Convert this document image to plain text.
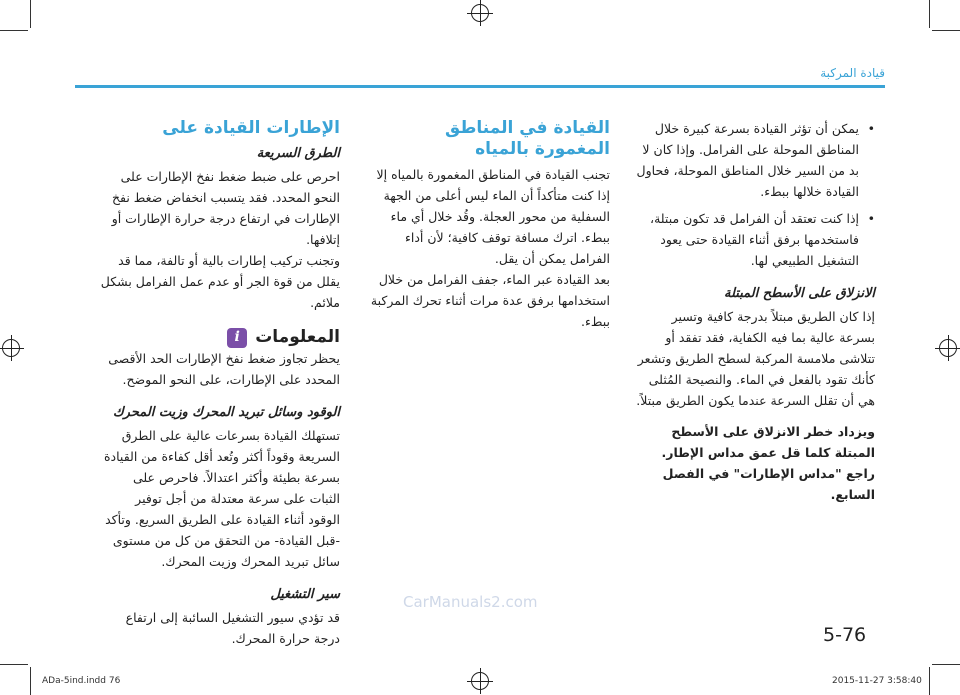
قيادة المركبة
• يمكن أن تؤثر القيادة بسرعة كبيرة خلال المناطق الموحلة على الفرامل. وإذا كان لا بد من السير خلال المناطق الموحلة، فحاول القيادة خلالها ببطء.
• إذا كنت تعتقد أن الفرامل قد تكون مبتلة، فاستخدمها برفق أثناء القيادة حتى يعود التشغيل الطبيعي لها.
الانزلاق على الأسطح المبتلة
إذا كان الطريق مبتلاً بدرجة كافية وتسير بسرعة عالية بما فيه الكفاية، فقد تفقد أو تتلاشى ملامسة المركبة لسطح الطريق وتشعر كأنك تقود بالفعل في الماء. والنصيحة المُثلى هي أن تقلل السرعة عندما يكون الطريق مبتلاً.
ويزداد خطر الانزلاق على الأسطح المبتلة كلما قل عمق مداس الإطار. راجع "مداس الإطارات" في الفصل السابع.
القيادة في المناطق المغمورة بالمياه
تجنب القيادة في المناطق المغمورة بالمياه إلا إذا كنت متأكداً أن الماء ليس أعلى من الجهة السفلية من محور العجلة. وقُد خلال أي ماء ببطء. اترك مسافة توقف كافية؛ لأن أداء الفرامل يمكن أن يقل.
بعد القيادة عبر الماء، جفف الفرامل من خلال استخدامها برفق عدة مرات أثناء تحرك المركبة ببطء.
الإطارات القيادة على
الطرق السريعة
احرص على ضبط ضغط نفخ الإطارات على النحو المحدد. فقد يتسبب انخفاض ضغط نفخ الإطارات في ارتفاع درجة حرارة الإطارات أو إتلافها.
وتجنب تركيب إطارات بالية أو تالفة، مما قد يقلل من قوة الجر أو عدم عمل الفرامل بشكل ملائم.
المعلومات
i
يحظر تجاوز ضغط نفخ الإطارات الحد الأقصى المحدد على الإطارات، على النحو الموضح.
الوقود وسائل تبريد المحرك وزيت المحرك
تستهلك القيادة بسرعات عالية على الطرق السريعة وقوداً أكثر وتُعد أقل كفاءة من القيادة بسرعة بطيئة وأكثر اعتدالاً. فاحرص على الثبات على سرعة معتدلة من أجل توفير الوقود أثناء القيادة على الطريق السريع. وتأكد -قبل القيادة- من التحقق من كل من مستوى سائل تبريد المحرك وزيت المحرك.
سير التشغيل
قد تؤدي سيور التشغيل السائبة إلى ارتفاع درجة حرارة المحرك.
CarManuals2.com
5-76
ADa-5ind.indd 76	2015-11-27 3:58:40
